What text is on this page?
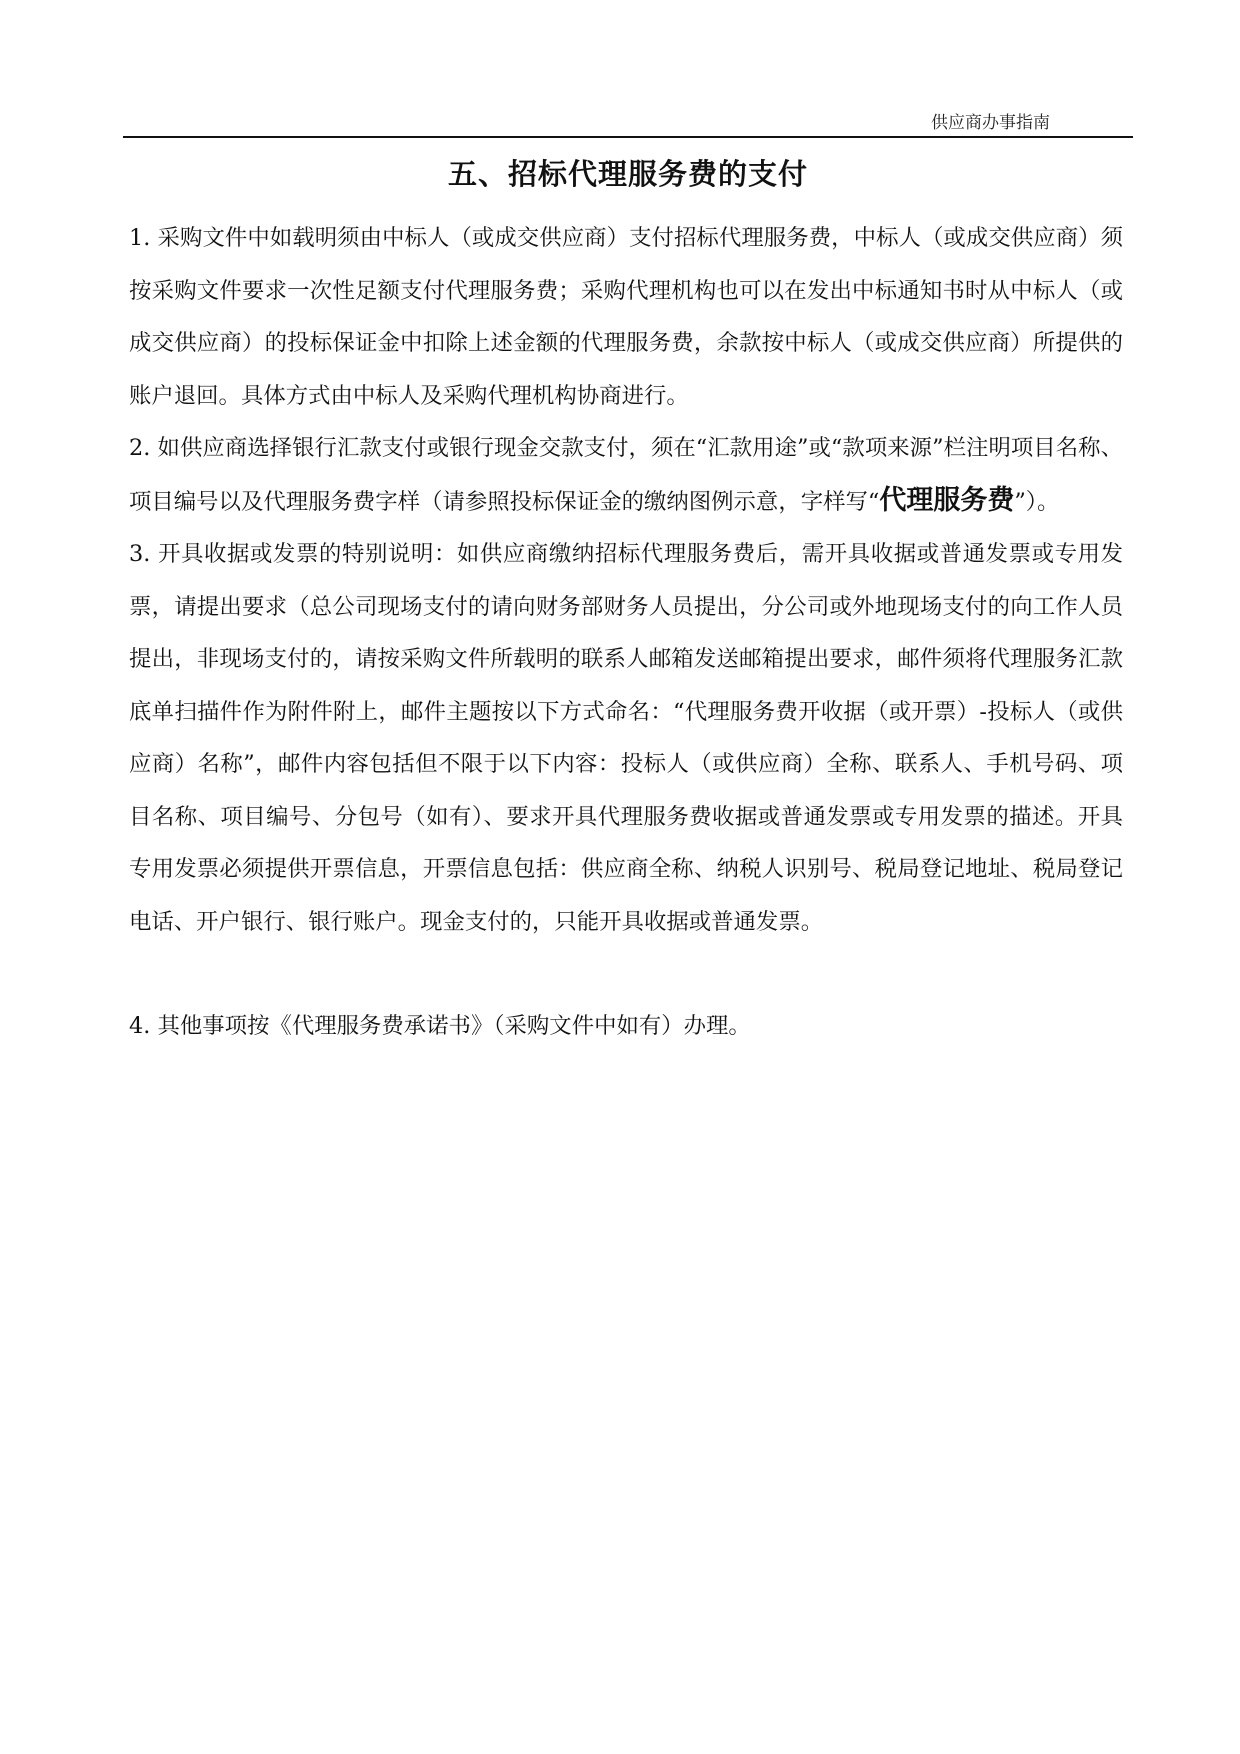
供应商办事指南
五、招标代理服务费的支付

1. 采购文件中如载明须由中标人（或成交供应商）支付招标代理服务费，中标人（或成交供应商）须按采购文件要求一次性足额支付代理服务费；采购代理机构也可以在发出中标通知书时从中标人（或成交供应商）的投标保证金中扣除上述金额的代理服务费，余款按中标人（或成交供应商）所提供的账户退回。具体方式由中标人及采购代理机构协商进行。

2. 如供应商选择银行汇款支付或银行现金交款支付，须在“汇款用途”或“款项来源”栏注明项目名称、项目编号以及代理服务费字样（请参照投标保证金的缴纳图例示意，字样写“代理服务费”）。

3. 开具收据或发票的特别说明：如供应商缴纳招标代理服务费后，需开具收据或普通发票或专用发票，请提出要求（总公司现场支付的请向财务部财务人员提出，分公司或外地现场支付的向工作人员提出，非现场支付的，请按采购文件所载明的联系人邮箱发送邮箱提出要求，邮件须将代理服务汇款底单扫描件作为附件附上，邮件主题按以下方式命名：“代理服务费开收据（或开票）-投标人（或供应商）名称”，邮件内容包括但不限于以下内容：投标人（或供应商）全称、联系人、手机号码、项目名称、项目编号、分包号（如有）、要求开具代理服务费收据或普通发票或专用发票的描述。开具专用发票必须提供开票信息，开票信息包括：供应商全称、纳税人识别号、税局登记地址、税局登记电话、开户银行、银行账户。现金支付的，只能开具收据或普通发票。

4. 其他事项按《代理服务费承诺书》（采购文件中如有）办理。
